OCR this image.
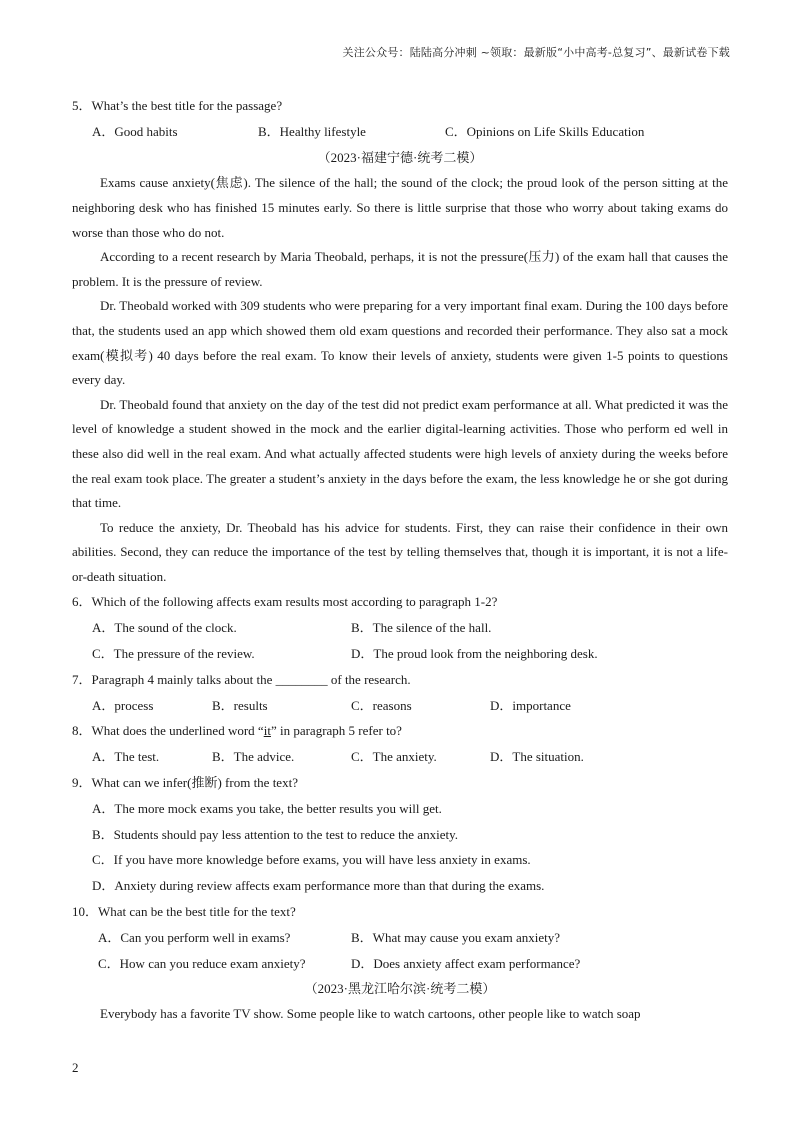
关注公众号：陆陆高分冲刺 ~领取：最新版“小中高考-总复习”、最新试卷下载
5．What’s the best title for the passage?
A．Good habits	B．Healthy lifestyle	C．Opinions on Life Skills Education
（2023·福建宁德·统考二模）

Exams cause anxiety(焦虑). The silence of the hall; the sound of the clock; the proud look of the person sitting at the neighboring desk who has finished 15 minutes early. So there is little surprise that those who worry about taking exams do worse than those who do not.

According to a recent research by Maria Theobald, perhaps, it is not the pressure(压力) of the exam hall that causes the problem. It is the pressure of review.

Dr. Theobald worked with 309 students who were preparing for a very important final exam. During the 100 days before that, the students used an app which showed them old exam questions and recorded their performance. They also sat a mock exam(模拟考) 40 days before the real exam. To know their levels of anxiety, students were given 1-5 points to questions every day.

Dr. Theobald found that anxiety on the day of the test did not predict exam performance at all. What predicted it was the level of knowledge a student showed in the mock and the earlier digital-learning activities. Those who perform ed well in these also did well in the real exam. And what actually affected students were high levels of anxiety during the weeks before the real exam took place. The greater a student’s anxiety in the days before the exam, the less knowledge he or she got during that time.

To reduce the anxiety, Dr. Theobald has his advice for students. First, they can raise their confidence in their own abilities. Second, they can reduce the importance of the test by telling themselves that, though it is important, it is not a life-or-death situation.

6．Which of the following affects exam results most according to paragraph 1-2?
A．The sound of the clock.	B．The silence of the hall.
C．The pressure of the review.	D．The proud look from the neighboring desk.
7．Paragraph 4 mainly talks about the ________ of the research.
A．process	B．results	C．reasons	D．importance
8．What does the underlined word “it” in paragraph 5 refer to?
A．The test.	B．The advice.	C．The anxiety.	D．The situation.
9．What can we infer(推断) from the text?
A．The more mock exams you take, the better results you will get.
B．Students should pay less attention to the test to reduce the anxiety.
C．If you have more knowledge before exams, you will have less anxiety in exams.
D．Anxiety during review affects exam performance more than that during the exams.
10．What can be the best title for the text?
A．Can you perform well in exams?	B．What may cause you exam anxiety?
C．How can you reduce exam anxiety?	D．Does anxiety affect exam performance?
（2023·黑龙江哈尔滨·统考二模）

Everybody has a favorite TV show. Some people like to watch cartoons, other people like to watch soap

2
